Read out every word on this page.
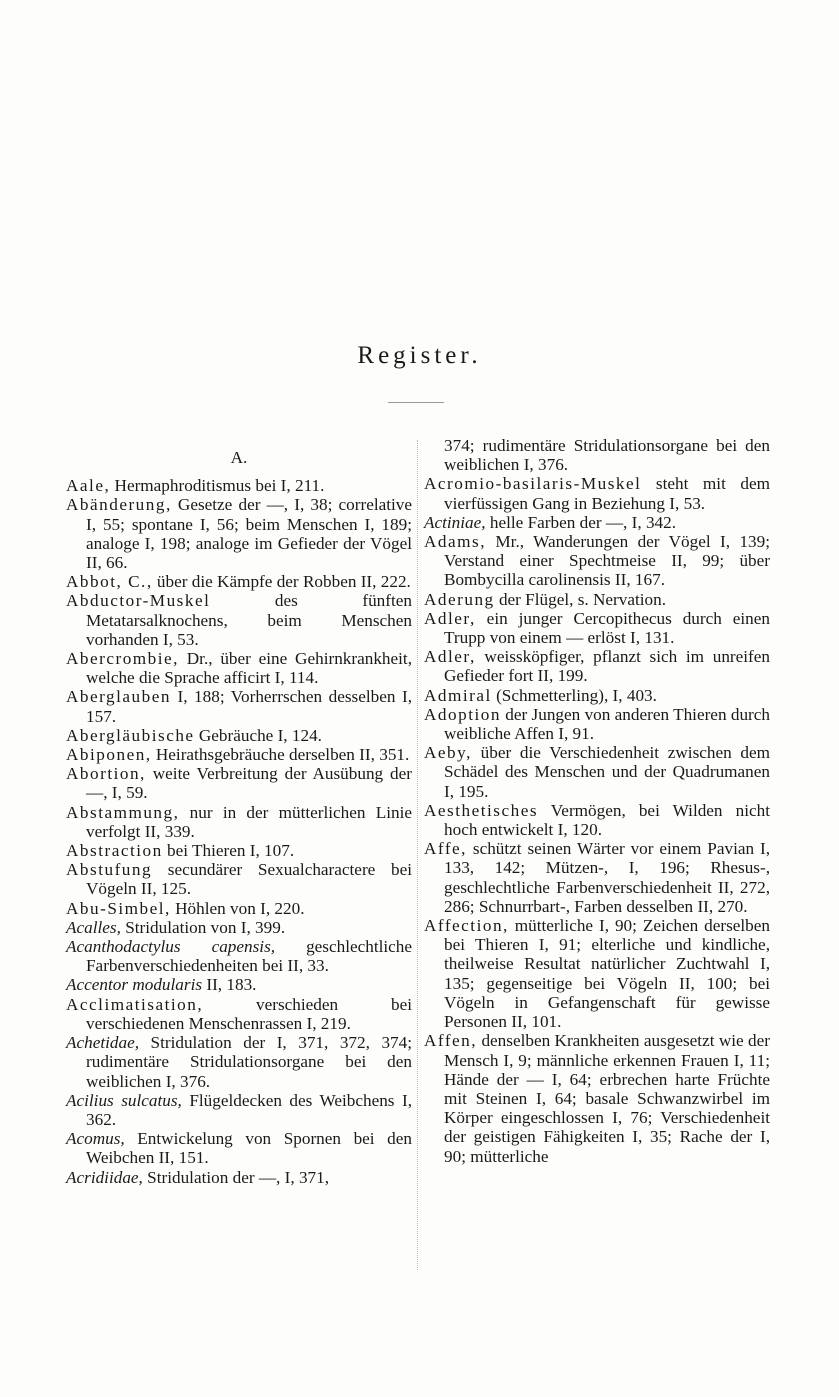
Register.
A.
Aale, Hermaphroditismus bei I, 211.
Abänderung, Gesetze der —, I, 38; correlative I, 55; spontane I, 56; beim Menschen I, 189; analoge I, 198; analoge im Gefieder der Vögel II, 66.
Abbot, C., über die Kämpfe der Robben II, 222.
Abductor-Muskel des fünften Metatarsalknochens, beim Menschen vorhanden I, 53.
Abercrombie, Dr., über eine Gehirnkrankheit, welche die Sprache afficirt I, 114.
Aberglauben I, 188; Vorherrschen desselben I, 157.
Abergläubische Gebräuche I, 124.
Abiponen, Heirathsgebräuche derselben II, 351.
Abortion, weite Verbreitung der Ausübung der —, I, 59.
Abstammung, nur in der mütterlichen Linie verfolgt II, 339.
Abstraction bei Thieren I, 107.
Abstufung secundärer Sexualcharactere bei Vögeln II, 125.
Abu-Simbel, Höhlen von I, 220.
Acalles, Stridulation von I, 399.
Acanthodactylus capensis, geschlechtliche Farbenverschiedenheiten bei II, 33.
Accentor modularis II, 183.
Acclimatisation, verschieden bei verschiedenen Menschenrassen I, 219.
Achetidae, Stridulation der I, 371, 372, 374; rudimentäre Stridulationsorgane bei den weiblichen I, 376.
Acilius sulcatus, Flügeldecken des Weibchens I, 362.
Acomus, Entwickelung von Spornen bei den Weibchen II, 151.
Acridiidae, Stridulation der —, I, 371,
374; rudimentäre Stridulationsorgane bei den weiblichen I, 376.
Acromio-basilaris-Muskel steht mit dem vierfüssigen Gang in Beziehung I, 53.
Actiniae, helle Farben der —, I, 342.
Adams, Mr., Wanderungen der Vögel I, 139; Verstand einer Spechtmeise II, 99; über Bombycilla carolinensis II, 167.
Aderung der Flügel, s. Nervation.
Adler, ein junger Cercopithecus durch einen Trupp von einem — erlöst I, 131.
Adler, weissköpfiger, pflanzt sich im unreifen Gefieder fort II, 199.
Admiral (Schmetterling), I, 403.
Adoption der Jungen von anderen Thieren durch weibliche Affen I, 91.
Aeby, über die Verschiedenheit zwischen dem Schädel des Menschen und der Quadrumanen I, 195.
Aesthetisches Vermögen, bei Wilden nicht hoch entwickelt I, 120.
Affe, schützt seinen Wärter vor einem Pavian I, 133, 142; Mützen-, I, 196; Rhesus-, geschlechtliche Farbenverschiedenheit II, 272, 286; Schnurrbart-, Farben desselben II, 270.
Affection, mütterliche I, 90; Zeichen derselben bei Thieren I, 91; elterliche und kindliche, theilweise Resultat natürlicher Zuchtwahl I, 135; gegenseitige bei Vögeln II, 100; bei Vögeln in Gefangenschaft für gewisse Personen II, 101.
Affen, denselben Krankheiten ausgesetzt wie der Mensch I, 9; männliche erkennen Frauen I, 11; Hände der — I, 64; erbrechen harte Früchte mit Steinen I, 64; basale Schwanzwirbel im Körper eingeschlossen I, 76; Verschiedenheit der geistigen Fähigkeiten I, 35; Rache der I, 90; mütterliche
